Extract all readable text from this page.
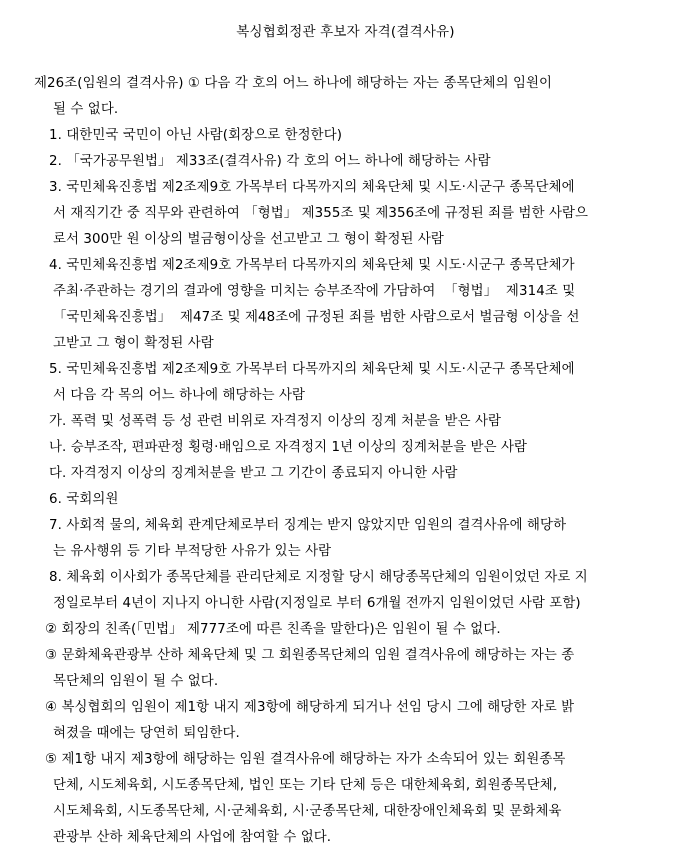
복싱협회정관 후보자 자격(결격사유)
제26조(임원의 결격사유) ① 다음 각 호의 어느 하나에 해당하는 자는 종목단체의 임원이
될 수 없다.
1. 대한민국 국민이 아닌 사람(회장으로 한정한다)
2. 「국가공무원법」 제33조(결격사유) 각 호의 어느 하나에 해당하는 사람
3. 국민체육진흥법 제2조제9호 가목부터 다목까지의 체육단체 및 시도·시군구 종목단체에
서 재직기간 중 직무와 관련하여 「형법」 제355조 및 제356조에 규정된 죄를 범한 사람으
로서 300만 원 이상의 벌금형이상을 선고받고 그 형이 확정된 사람
4. 국민체육진흥법 제2조제9호 가목부터 다목까지의 체육단체 및 시도·시군구 종목단체가
주최·주관하는 경기의 결과에 영향을 미치는 승부조작에 가담하여  「형법」  제314조 및
「국민체육진흥법」  제47조 및 제48조에 규정된 죄를 범한 사람으로서 벌금형 이상을 선
고받고 그 형이 확정된 사람
5. 국민체육진흥법 제2조제9호 가목부터 다목까지의 체육단체 및 시도·시군구 종목단체에
서 다음 각 목의 어느 하나에 해당하는 사람
가. 폭력 및 성폭력 등 성 관련 비위로 자격정지 이상의 징계 처분을 받은 사람
나. 승부조작, 편파판정 횡령·배임으로 자격정지 1년 이상의 징계처분을 받은 사람
다. 자격정지 이상의 징계처분을 받고 그 기간이 종료되지 아니한 사람
6. 국회의원
7. 사회적 물의, 체육회 관계단체로부터 징계는 받지 않았지만 임원의 결격사유에 해당하
는 유사행위 등 기타 부적당한 사유가 있는 사람
8. 체육회 이사회가 종목단체를 관리단체로 지정할 당시 해당종목단체의 임원이었던 자로 지
정일로부터 4년이 지나지 아니한 사람(지정일로 부터 6개월 전까지 임원이었던 사람 포함)
② 회장의 친족(「민법」 제777조에 따른 친족을 말한다)은 임원이 될 수 없다.
③ 문화체육관광부 산하 체육단체 및 그 회원종목단체의 임원 결격사유에 해당하는 자는 종
목단체의 임원이 될 수 없다.
④ 복싱협회의 임원이 제1항 내지 제3항에 해당하게 되거나 선임 당시 그에 해당한 자로 밝
혀졌을 때에는 당연히 퇴임한다.
⑤ 제1항 내지 제3항에 해당하는 임원 결격사유에 해당하는 자가 소속되어 있는 회원종목
단체, 시도체육회, 시도종목단체, 법인 또는 기타 단체 등은 대한체육회, 회원종목단체,
시도체육회, 시도종목단체, 시·군체육회, 시·군종목단체, 대한장애인체육회 및 문화체육
관광부 산하 체육단체의 사업에 참여할 수 없다.
